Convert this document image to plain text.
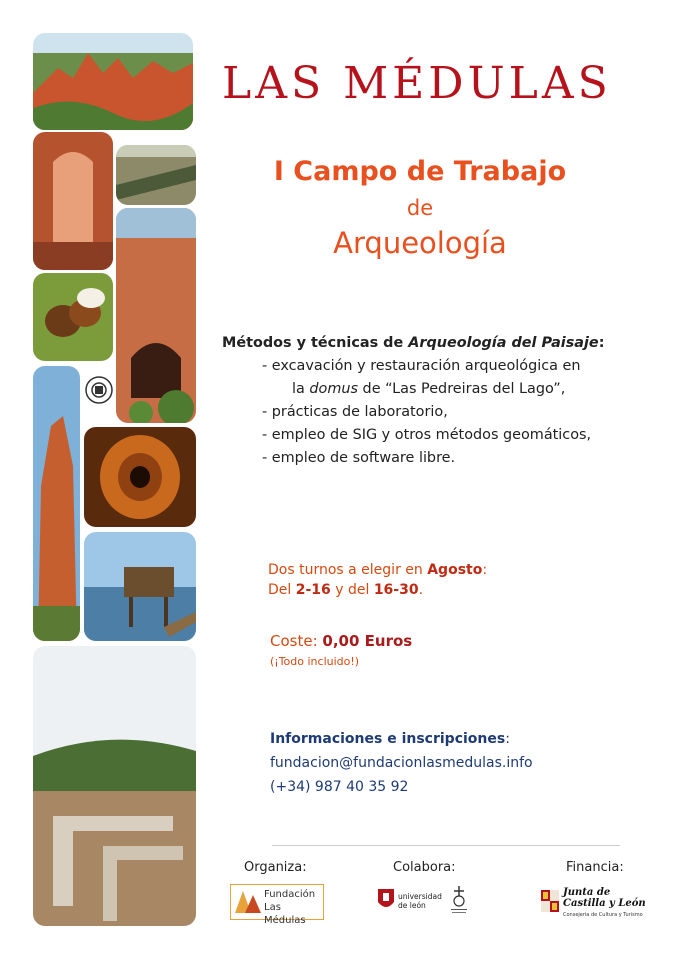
LAS MÉDULAS
I Campo de Trabajo
de
Arqueología
Métodos y técnicas de Arqueología del Paisaje:
- excavación y restauración arqueológica en
la domus de “Las Pedreiras del Lago”,
- prácticas de laboratorio,
- empleo de SIG y otros métodos geomáticos,
- empleo de software libre.
Dos turnos a elegir en Agosto:
Del 2-16 y del 16-30.
Coste: 0,00 Euros
(¡Todo incluido!)
Informaciones e inscripciones:
fundacion@fundacionlasmedulas.info
(+34) 987 40 35 92
Organiza:	Colabora:	Financia:
Fundación
Las Médulas
universidad
de león
Junta de
Castilla y León
Consejería de Cultura y Turismo
